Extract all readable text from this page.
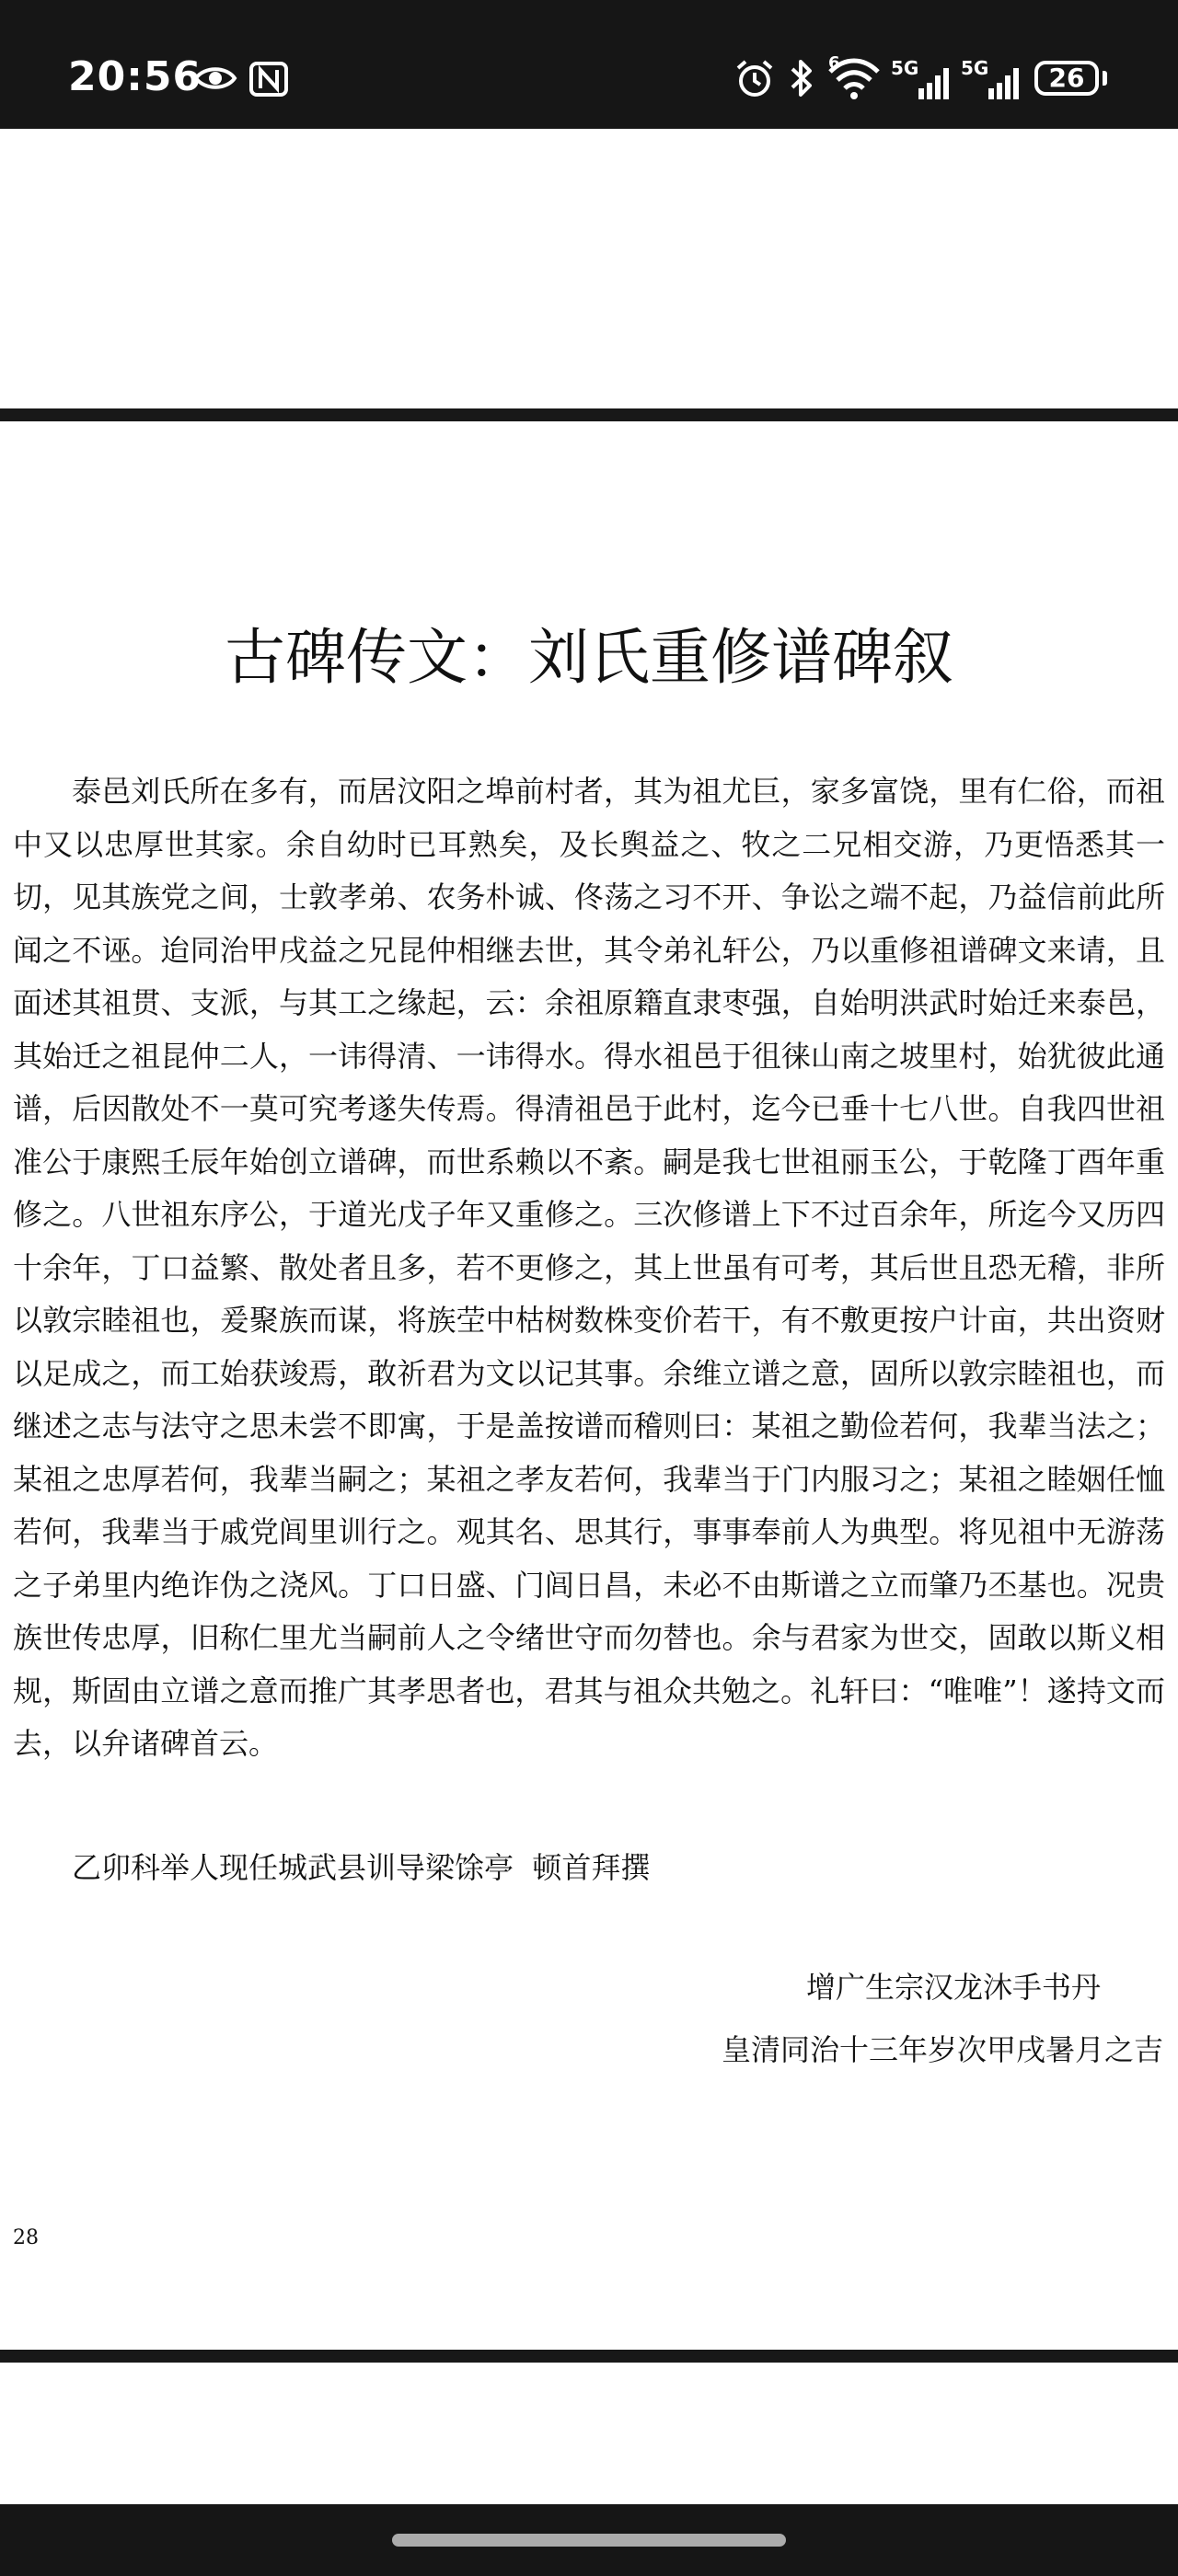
20:56	6	5G 5G	26
古碑传文：刘氏重修谱碑叙

泰邑刘氏所在多有，而居汶阳之埠前村者，其为祖尤巨，家多富饶，里有仁俗，而祖中又以忠厚世其家。余自幼时已耳熟矣，及长舆益之、牧之二兄相交游，乃更悟悉其一切，见其族党之间，士敦孝弟、农务朴诚、佟荡之习不开、争讼之端不起，乃益信前此所闻之不诬。迨同治甲戌益之兄昆仲相继去世，其令弟礼轩公，乃以重修祖谱碑文来请，且面述其祖贯、支派，与其工之缘起，云：余祖原籍直隶枣强，自始明洪武时始迁来泰邑，其始迁之祖昆仲二人，一讳得清、一讳得水。得水祖邑于徂徕山南之坡里村，始犹彼此通谱，后因散处不一莫可究考遂失传焉。得清祖邑于此村，迄今已垂十七八世。自我四世祖准公于康熙壬辰年始创立谱碑，而世系赖以不紊。嗣是我七世祖丽玉公，于乾隆丁酉年重修之。八世祖东序公，于道光戊子年又重修之。三次修谱上下不过百余年，所迄今又历四十余年，丁口益繁、散处者且多，若不更修之，其上世虽有可考，其后世且恐无稽，非所以敦宗睦祖也，爰聚族而谋，将族茔中枯树数株变价若干，有不敷更按户计亩，共出资财以足成之，而工始获竣焉，敢祈君为文以记其事。余维立谱之意，固所以敦宗睦祖也，而继述之志与法守之思未尝不即寓，于是盖按谱而稽则曰：某祖之勤俭若何，我辈当法之；某祖之忠厚若何，我辈当嗣之；某祖之孝友若何，我辈当于门内服习之；某祖之睦姻任恤若何，我辈当于戚党闾里训行之。观其名、思其行，事事奉前人为典型。将见祖中无游荡之子弟里内绝诈伪之浇风。丁口日盛、门闾日昌，未必不由斯谱之立而肇乃丕基也。况贵族世传忠厚，旧称仁里尤当嗣前人之令绪世守而勿替也。余与君家为世交，固敢以斯义相规，斯固由立谱之意而推广其孝思者也，君其与祖众共勉之。礼轩曰：“唯唯”！遂持文而去，以弁诸碑首云。

乙卯科举人现任城武县训导梁馀亭  顿首拜撰
增广生宗汉龙沐手书丹
皇清同治十三年岁次甲戌暑月之吉
28
